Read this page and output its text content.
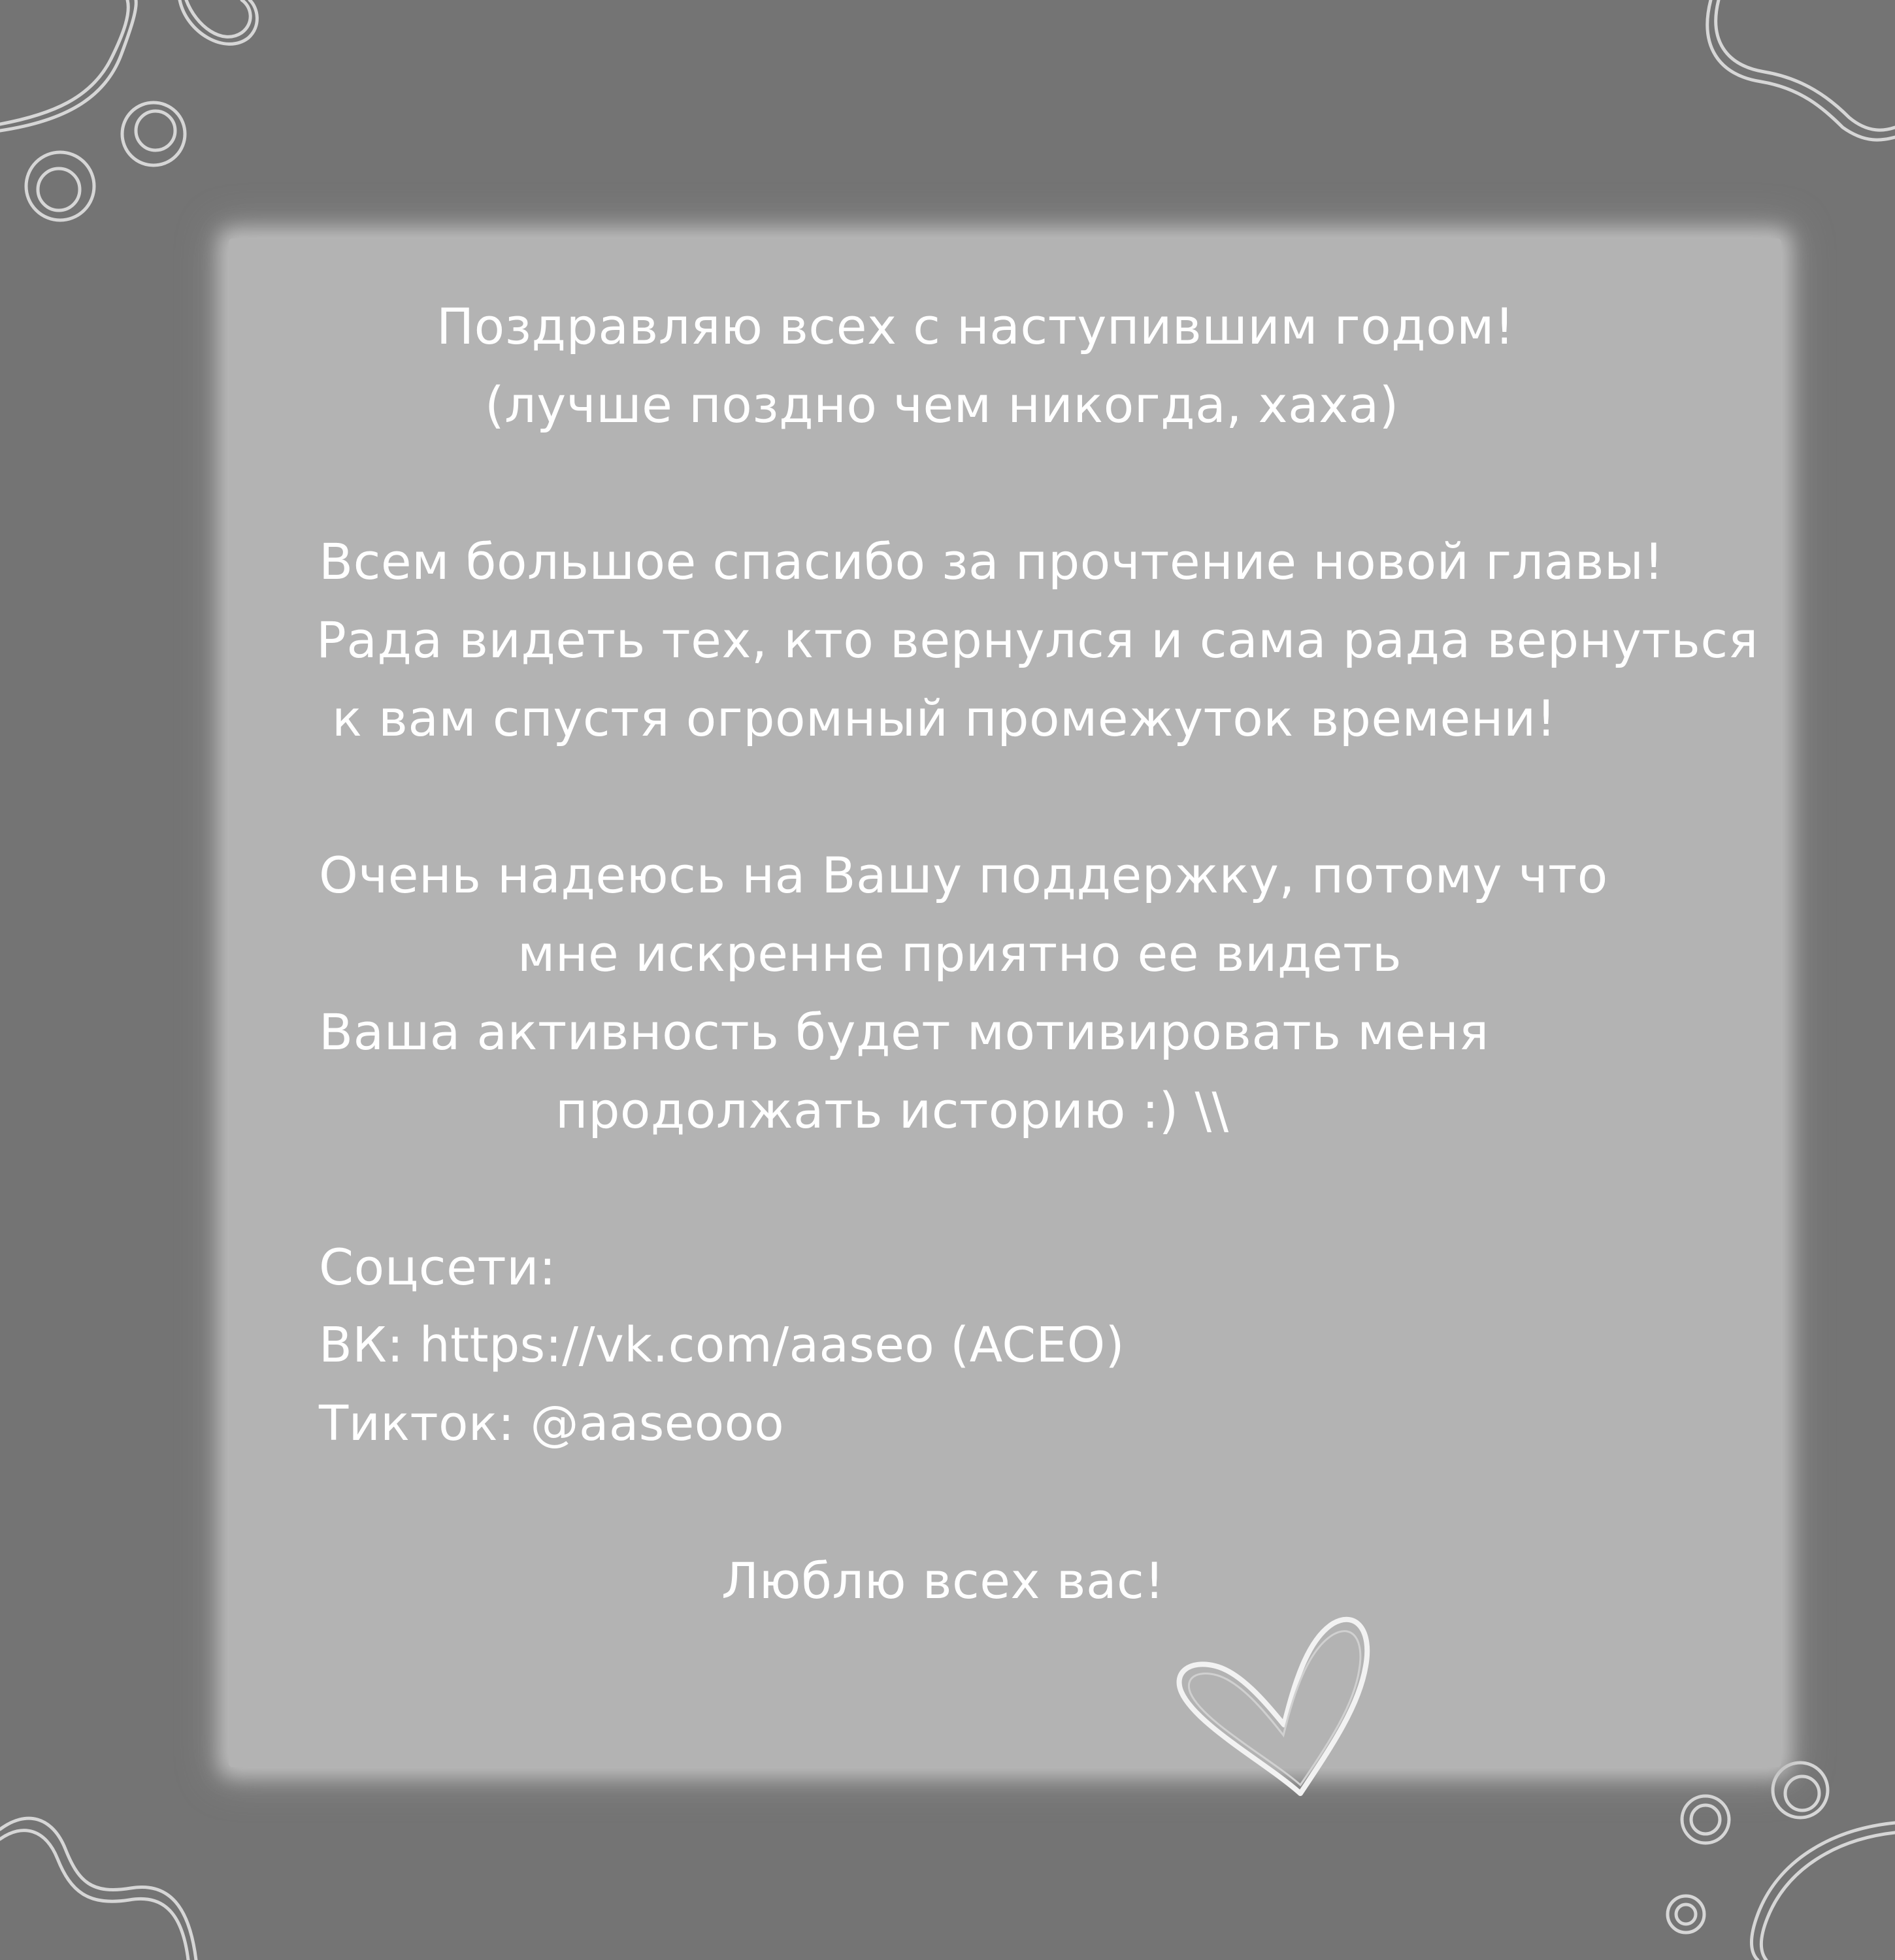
Поздравляю всех с наступившим годом!

(лучше поздно чем никогда, хаха)

Всем большое спасибо за прочтение новой главы!

Рада видеть тех, кто вернулся и сама рада вернуться

к вам спустя огромный промежуток времени!

Очень надеюсь на Вашу поддержку, потому что

мне искренне приятно ее видеть

Ваша активность будет мотивировать меня

продолжать историю :) \\

Соцсети:

ВК: https://vk.com/aaseo (ACEO)

Тикток: @aaseooo

Люблю всех вас!
